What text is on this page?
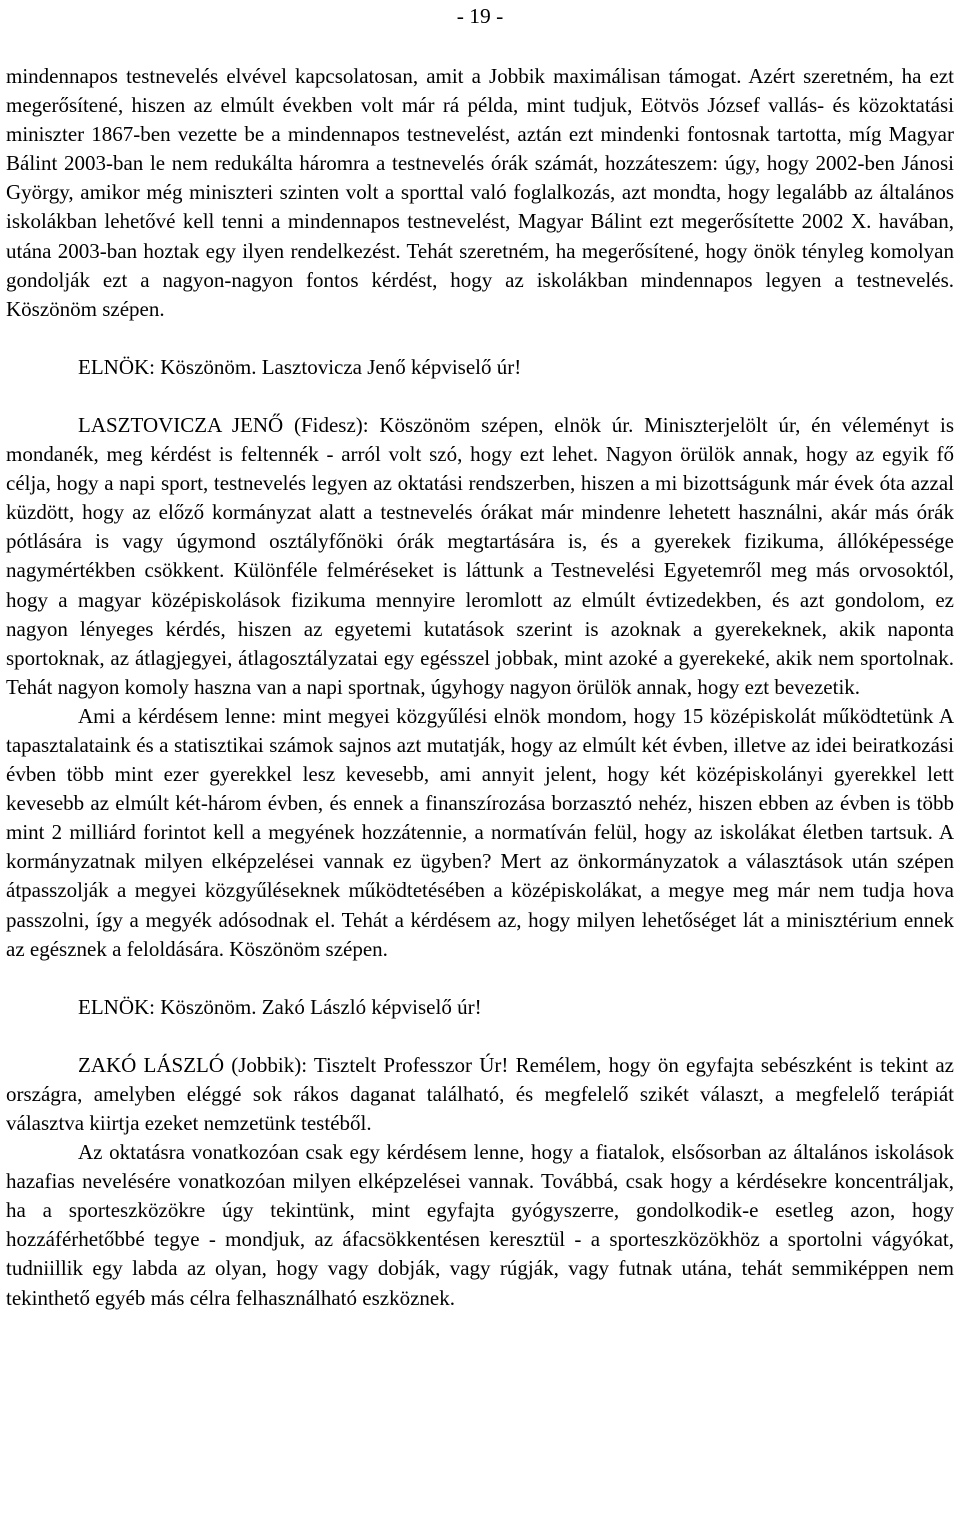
- 19 -

mindennapos testnevelés elvével kapcsolatosan, amit a Jobbik maximálisan támogat. Azért szeretném, ha ezt megerősítené, hiszen az elmúlt években volt már rá példa, mint tudjuk, Eötvös József vallás- és közoktatási miniszter 1867-ben vezette be a mindennapos testnevelést, aztán ezt mindenki fontosnak tartotta, míg Magyar Bálint 2003-ban le nem redukálta háromra a testnevelés órák számát, hozzáteszem: úgy, hogy 2002-ben Jánosi György, amikor még miniszteri szinten volt a sporttal való foglalkozás, azt mondta, hogy legalább az általános iskolákban lehetővé kell tenni a mindennapos testnevelést, Magyar Bálint ezt megerősítette 2002 X. havában, utána 2003-ban hoztak egy ilyen rendelkezést. Tehát szeretném, ha megerősítené, hogy önök tényleg komolyan gondolják ezt a nagyon-nagyon fontos kérdést, hogy az iskolákban mindennapos legyen a testnevelés. Köszönöm szépen.

ELNÖK: Köszönöm. Lasztovicza Jenő képviselő úr!

LASZTOVICZA JENŐ (Fidesz): Köszönöm szépen, elnök úr. Miniszterjelölt úr, én véleményt is mondanék, meg kérdést is feltennék - arról volt szó, hogy ezt lehet. Nagyon örülök annak, hogy az egyik fő célja, hogy a napi sport, testnevelés legyen az oktatási rendszerben, hiszen a mi bizottságunk már évek óta azzal küzdött, hogy az előző kormányzat alatt a testnevelés órákat már mindenre lehetett használni, akár más órák pótlására is vagy úgymond osztályfőnöki órák megtartására is, és a gyerekek fizikuma, állóképessége nagymértékben csökkent. Különféle felméréseket is láttunk a Testnevelési Egyetemről meg más orvosoktól, hogy a magyar középiskolások fizikuma mennyire leromlott az elmúlt évtizedekben, és azt gondolom, ez nagyon lényeges kérdés, hiszen az egyetemi kutatások szerint is azoknak a gyerekeknek, akik naponta sportoknak, az átlagjegyei, átlagosztályzatai egy egésszel jobbak, mint azoké a gyerekeké, akik nem sportolnak. Tehát nagyon komoly haszna van a napi sportnak, úgyhogy nagyon örülök annak, hogy ezt bevezetik.

Ami a kérdésem lenne: mint megyei közgyűlési elnök mondom, hogy 15 középiskolát működtetünk A tapasztalataink és a statisztikai számok sajnos azt mutatják, hogy az elmúlt két évben, illetve az idei beiratkozási évben több mint ezer gyerekkel lesz kevesebb, ami annyit jelent, hogy két középiskolányi gyerekkel lett kevesebb az elmúlt két-három évben, és ennek a finanszírozása borzasztó nehéz, hiszen ebben az évben is több mint 2 milliárd forintot kell a megyének hozzátennie, a normatíván felül, hogy az iskolákat életben tartsuk. A kormányzatnak milyen elképzelései vannak ez ügyben? Mert az önkormányzatok a választások után szépen átpasszolják a megyei közgyűléseknek működtetésében a középiskolákat, a megye meg már nem tudja hova passzolni, így a megyék adósodnak el. Tehát a kérdésem az, hogy milyen lehetőséget lát a minisztérium ennek az egésznek a feloldására. Köszönöm szépen.

ELNÖK: Köszönöm. Zakó László képviselő úr!

ZAKÓ LÁSZLÓ (Jobbik): Tisztelt Professzor Úr! Remélem, hogy ön egyfajta sebészként is tekint az országra, amelyben eléggé sok rákos daganat található, és megfelelő szikét választ, a megfelelő terápiát választva kiirtja ezeket nemzetünk testéből.

Az oktatásra vonatkozóan csak egy kérdésem lenne, hogy a fiatalok, elsősorban az általános iskolások hazafias nevelésére vonatkozóan milyen elképzelései vannak. Továbbá, csak hogy a kérdésekre koncentráljak, ha a sporteszközökre úgy tekintünk, mint egyfajta gyógyszerre, gondolkodik-e esetleg azon, hogy hozzáférhetőbbé tegye - mondjuk, az áfacsökkentésen keresztül - a sporteszközökhöz a sportolni vágyókat, tudniillik egy labda az olyan, hogy vagy dobják, vagy rúgják, vagy futnak utána, tehát semmiképpen nem tekinthető egyéb más célra felhasználható eszköznek.
